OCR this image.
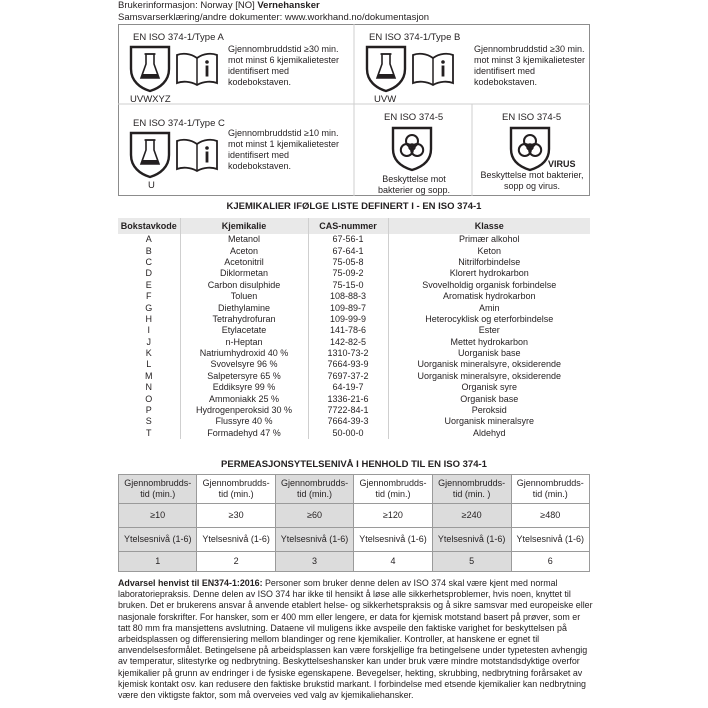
Brukerinformasjon: Norway [NO] Vernehansker
Samsvarserklæring/andre dokumenter: www.workhand.no/dokumentasjon
EN ISO 374-1/Type A
UVWXYZ
Gjennombruddstid ≥30 min. mot minst 6 kjemikalietester identifisert med kodebokstaven.
EN ISO 374-1/Type B
UVW
Gjennombruddstid ≥30 min. mot minst 3 kjemikalietester identifisert med kodebokstaven.
EN ISO 374-1/Type C
U
Gjennombruddstid ≥10 min. mot minst 1 kjemikalietester identifisert med kodebokstaven.
EN ISO 374-5
Beskyttelse mot bakterier og sopp.
EN ISO 374-5
VIRUS
Beskyttelse mot bakterier, sopp og virus.
KJEMIKALIER IFØLGE LISTE DEFINERT I - EN ISO 374-1
Bokstavkode	Kjemikalie	CAS-nummer	Klasse
A	Metanol	67-56-1	Primær alkohol
B	Aceton	67-64-1	Keton
C	Acetonitril	75-05-8	Nitrilforbindelse
D	Diklormetan	75-09-2	Klorert hydrokarbon
E	Carbon disulphide	75-15-0	Svovelholdig organisk forbindelse
F	Toluen	108-88-3	Aromatisk hydrokarbon
G	Diethylamine	109-89-7	Amin
H	Tetrahydrofuran	109-99-9	Heterocyklisk og eterforbindelse
I	Etylacetate	141-78-6	Ester
J	n-Heptan	142-82-5	Mettet hydrokarbon
K	Natriumhydroxid 40 %	1310-73-2	Uorganisk base
L	Svovelsyre 96 %	7664-93-9	Uorganisk mineralsyre, oksiderende
M	Salpetersyre 65 %	7697-37-2	Uorganisk mineralsyre, oksiderende
N	Eddiksyre 99 %	64-19-7	Organisk syre
O	Ammoniakk 25 %	1336-21-6	Organisk base
P	Hydrogenperoksid 30 %	7722-84-1	Peroksid
S	Flussyre 40 %	7664-39-3	Uorganisk mineralsyre
T	Formadehyd 47 %	50-00-0	Aldehyd
PERMEASJONSYTELSENIVÅ I HENHOLD TIL EN ISO 374-1
Gjennombrudds- tid (min.)	Gjennombrudds- tid (min.)	Gjennombrudds- tid (min.)	Gjennombrudds- tid (min.)	Gjennombrudds- tid (min. )	Gjennombrudds- tid (min.)
≥10	≥30	≥60	≥120	≥240	≥480
Ytelsesnivå (1-6)	Ytelsesnivå (1-6)	Ytelsesnivå (1-6)	Ytelsesnivå (1-6)	Ytelsesnivå (1-6)	Ytelsesnivå (1-6)
1	2	3	4	5	6
Advarsel henvist til EN374-1:2016: Personer som bruker denne delen av ISO 374 skal være kjent med normal laboratoriepraksis. Denne delen av ISO 374 har ikke til hensikt å løse alle sikkerhetsproblemer, hvis noen, knyttet til bruken. Det er brukerens ansvar å anvende etablert helse- og sikkerhetspraksis og å sikre samsvar med europeiske eller nasjonale forskrifter. For hansker, som er 400 mm eller lengere, er data for kjemisk motstand basert på prøver, som er tatt 80 mm fra mansjettens avslutning. Dataene vil muligens ikke avspeile den faktiske varighet for beskyttelsen på arbeidsplassen og differensiering mellom blandinger og rene kjemikalier. Kontroller, at hanskene er egnet til anvendelsesformålet. Betingelsene på arbeidsplassen kan være forskjellige fra betingelsene under typetesten avhengig av temperatur, slitestyrke og nedbrytning. Beskyttelseshansker kan under bruk være mindre motstandsdyktige overfor kjemikalier på grunn av endringer i de fysiske egenskapene. Bevegelser, hekting, skrubbing, nedbrytning forårsaket av kjemisk kontakt osv. kan redusere den faktiske brukstid markant. I forbindelse med etsende kjemikalier kan nedbrytning være den viktigste faktor, som må overveies ved valg av kjemikaliehansker.
